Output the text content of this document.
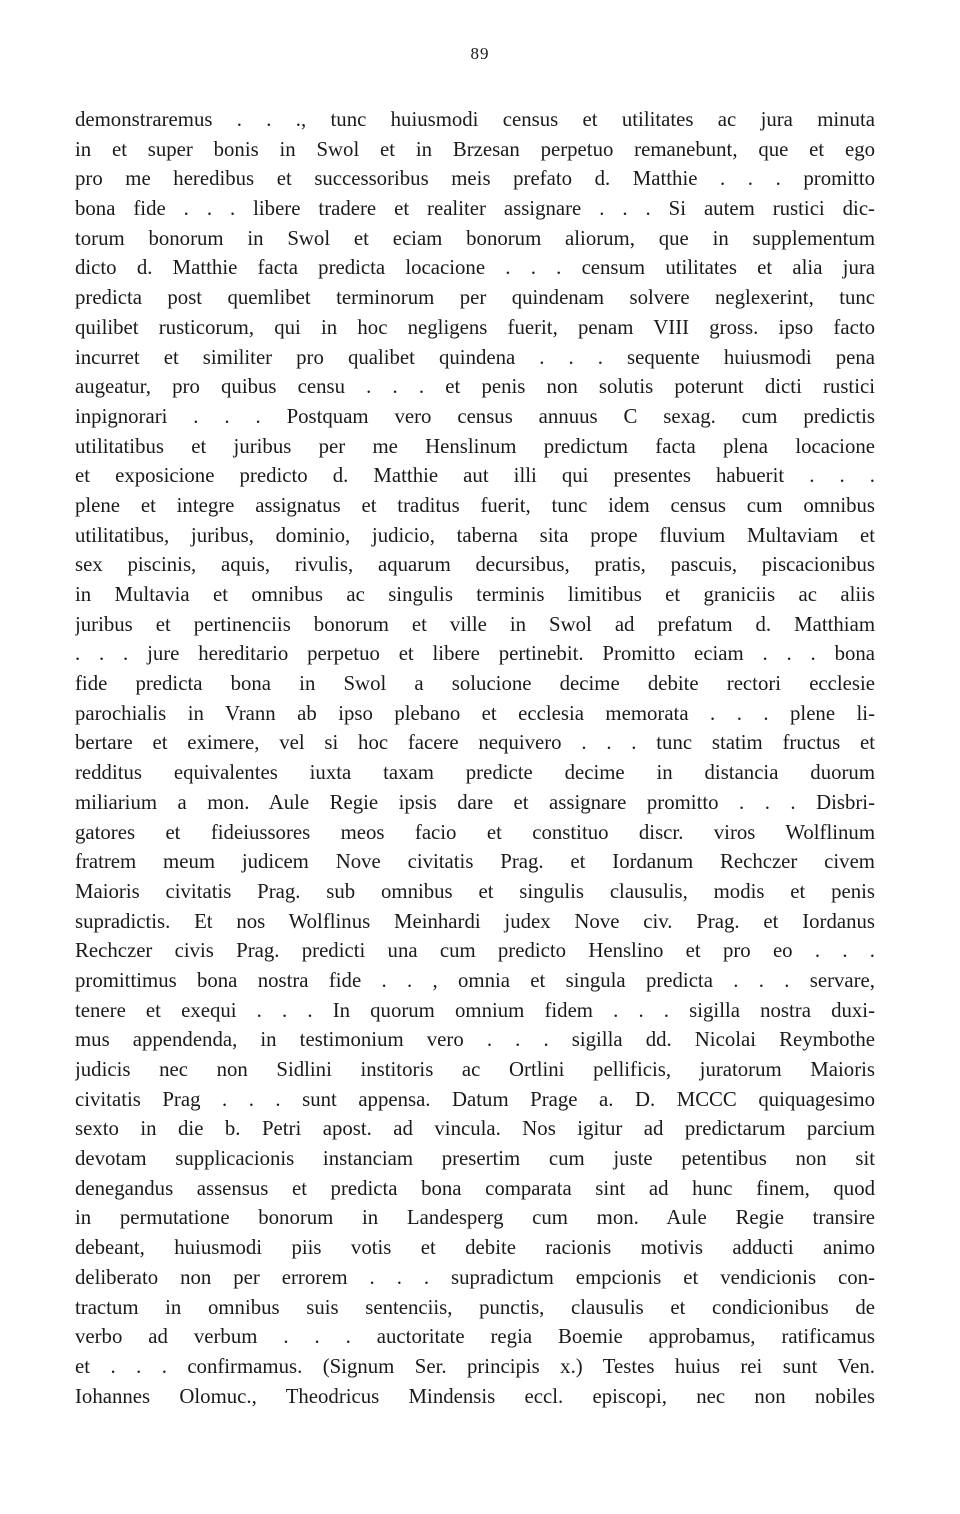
89
demonstraremus . . ., tunc huiusmodi census et utilitates ac jura minuta
in et super bonis in Swol et in Brzesan perpetuo remanebunt, que et ego
pro me heredibus et successoribus meis prefato d. Matthie . . . promitto
bona fide . . . libere tradere et realiter assignare . . . Si autem rustici dic-
torum bonorum in Swol et eciam bonorum aliorum, que in supplementum
dicto d. Matthie facta predicta locacione . . . censum utilitates et alia jura
predicta post quemlibet terminorum per quindenam solvere neglexerint, tunc
quilibet rusticorum, qui in hoc negligens fuerit, penam VIII gross. ipso facto
incurret et similiter pro qualibet quindena . . . sequente huiusmodi pena
augeatur, pro quibus censu . . . et penis non solutis poterunt dicti rustici
inpignorari . . . Postquam vero census annuus C sexag. cum predictis
utilitatibus et juribus per me Henslinum predictum facta plena locacione
et exposicione predicto d. Matthie aut illi qui presentes habuerit . . .
plene et integre assignatus et traditus fuerit, tunc idem census cum omnibus
utilitatibus, juribus, dominio, judicio, taberna sita prope fluvium Multaviam et
sex piscinis, aquis, rivulis, aquarum decursibus, pratis, pascuis, piscacionibus
in Multavia et omnibus ac singulis terminis limitibus et graniciis ac aliis
juribus et pertinenciis bonorum et ville in Swol ad prefatum d. Matthiam
. . . jure hereditario perpetuo et libere pertinebit. Promitto eciam . . . bona
fide predicta bona in Swol a solucione decime debite rectori ecclesie
parochialis in Vrann ab ipso plebano et ecclesia memorata . . . plene li-
bertare et eximere, vel si hoc facere nequivero . . . tunc statim fructus et
redditus equivalentes iuxta taxam predicte decime in distancia duorum
miliarium a mon. Aule Regie ipsis dare et assignare promitto . . . Disbri-
gatores et fideiussores meos facio et constituo discr. viros Wolflinum
fratrem meum judicem Nove civitatis Prag. et Iordanum Rechczer civem
Maioris civitatis Prag. sub omnibus et singulis clausulis, modis et penis
supradictis. Et nos Wolflinus Meinhardi judex Nove civ. Prag. et Iordanus
Rechczer civis Prag. predicti una cum predicto Henslino et pro eo . . .
promittimus bona nostra fide . . , omnia et singula predicta . . . servare,
tenere et exequi . . . In quorum omnium fidem . . . sigilla nostra duxi-
mus appendenda, in testimonium vero . . . sigilla dd. Nicolai Reymbothe
judicis nec non Sidlini institoris ac Ortlini pellificis, juratorum Maioris
civitatis Prag . . . sunt appensa. Datum Prage a. D. MCCC quiquagesimo
sexto in die b. Petri apost. ad vincula. Nos igitur ad predictarum parcium
devotam supplicacionis instanciam presertim cum juste petentibus non sit
denegandus assensus et predicta bona comparata sint ad hunc finem, quod
in permutatione bonorum in Landesperg cum mon. Aule Regie transire
debeant, huiusmodi piis votis et debite racionis motivis adducti animo
deliberato non per errorem . . . supradictum empcionis et vendicionis con-
tractum in omnibus suis sentenciis, punctis, clausulis et condicionibus de
verbo ad verbum . . . auctoritate regia Boemie approbamus, ratificamus
et . . . confirmamus. (Signum Ser. principis x.) Testes huius rei sunt Ven.
Iohannes Olomuc., Theodricus Mindensis eccl. episcopi, nec non nobiles
